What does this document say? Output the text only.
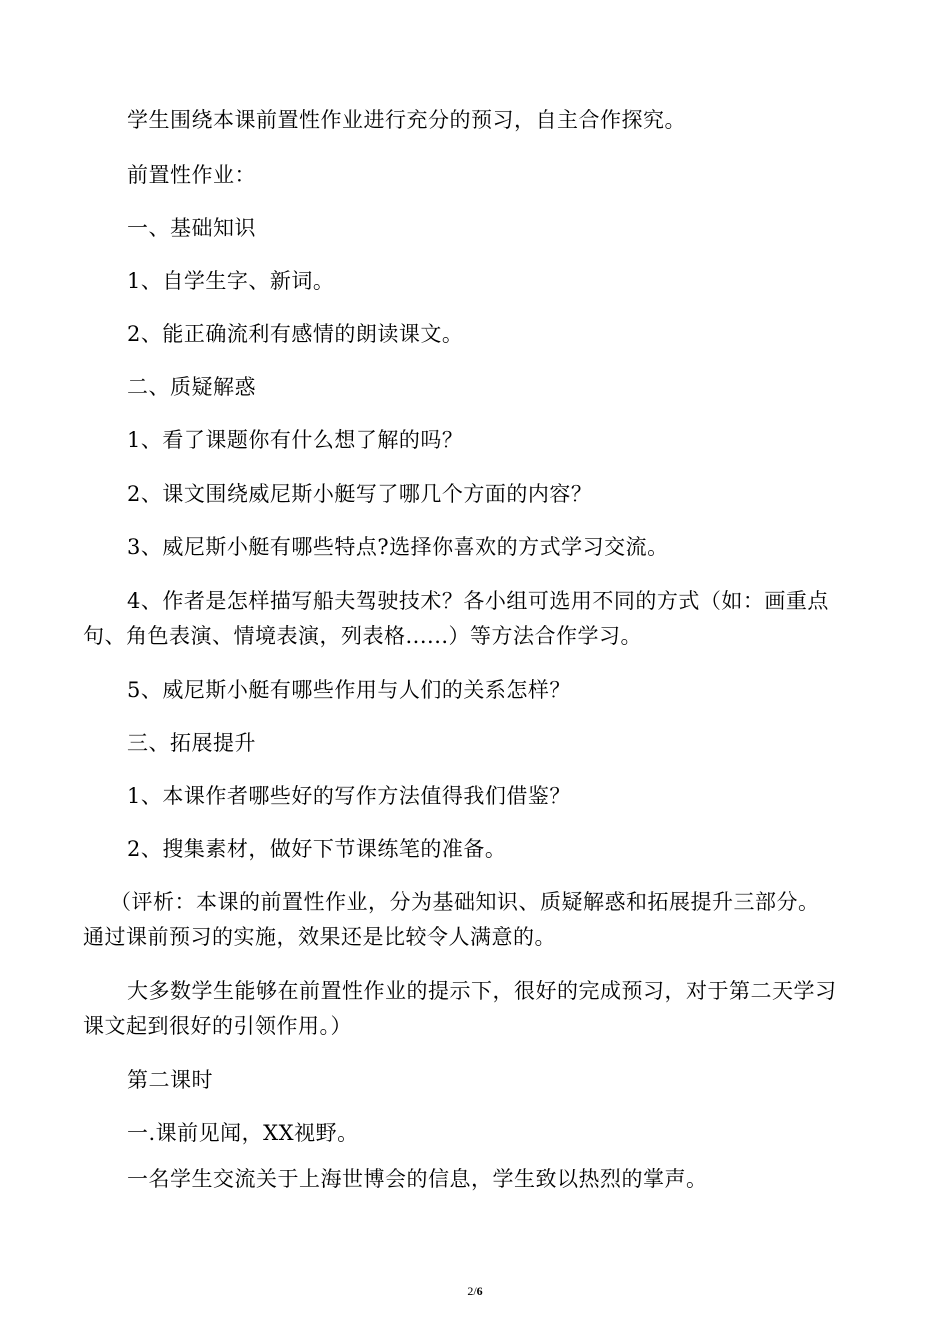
学生围绕本课前置性作业进行充分的预习，自主合作探究。

前置性作业：

一、基础知识

1、自学生字、新词。

2、能正确流利有感情的朗读课文。

二、质疑解惑

1、看了课题你有什么想了解的吗？

2、课文围绕威尼斯小艇写了哪几个方面的内容？

3、威尼斯小艇有哪些特点?选择你喜欢的方式学习交流。

4、作者是怎样描写船夫驾驶技术？各小组可选用不同的方式（如：画重点

句、角色表演、情境表演，列表格......）等方法合作学习。

5、威尼斯小艇有哪些作用与人们的关系怎样？

三、拓展提升

1、本课作者哪些好的写作方法值得我们借鉴？

2、搜集素材，做好下节课练笔的准备。

（评析：本课的前置性作业，分为基础知识、质疑解惑和拓展提升三部分。

通过课前预习的实施，效果还是比较令人满意的。

大多数学生能够在前置性作业的提示下，很好的完成预习，对于第二天学习

课文起到很好的引领作用。）

第二课时

一.课前见闻，XX视野。

一名学生交流关于上海世博会的信息，学生致以热烈的掌声。

2/6
